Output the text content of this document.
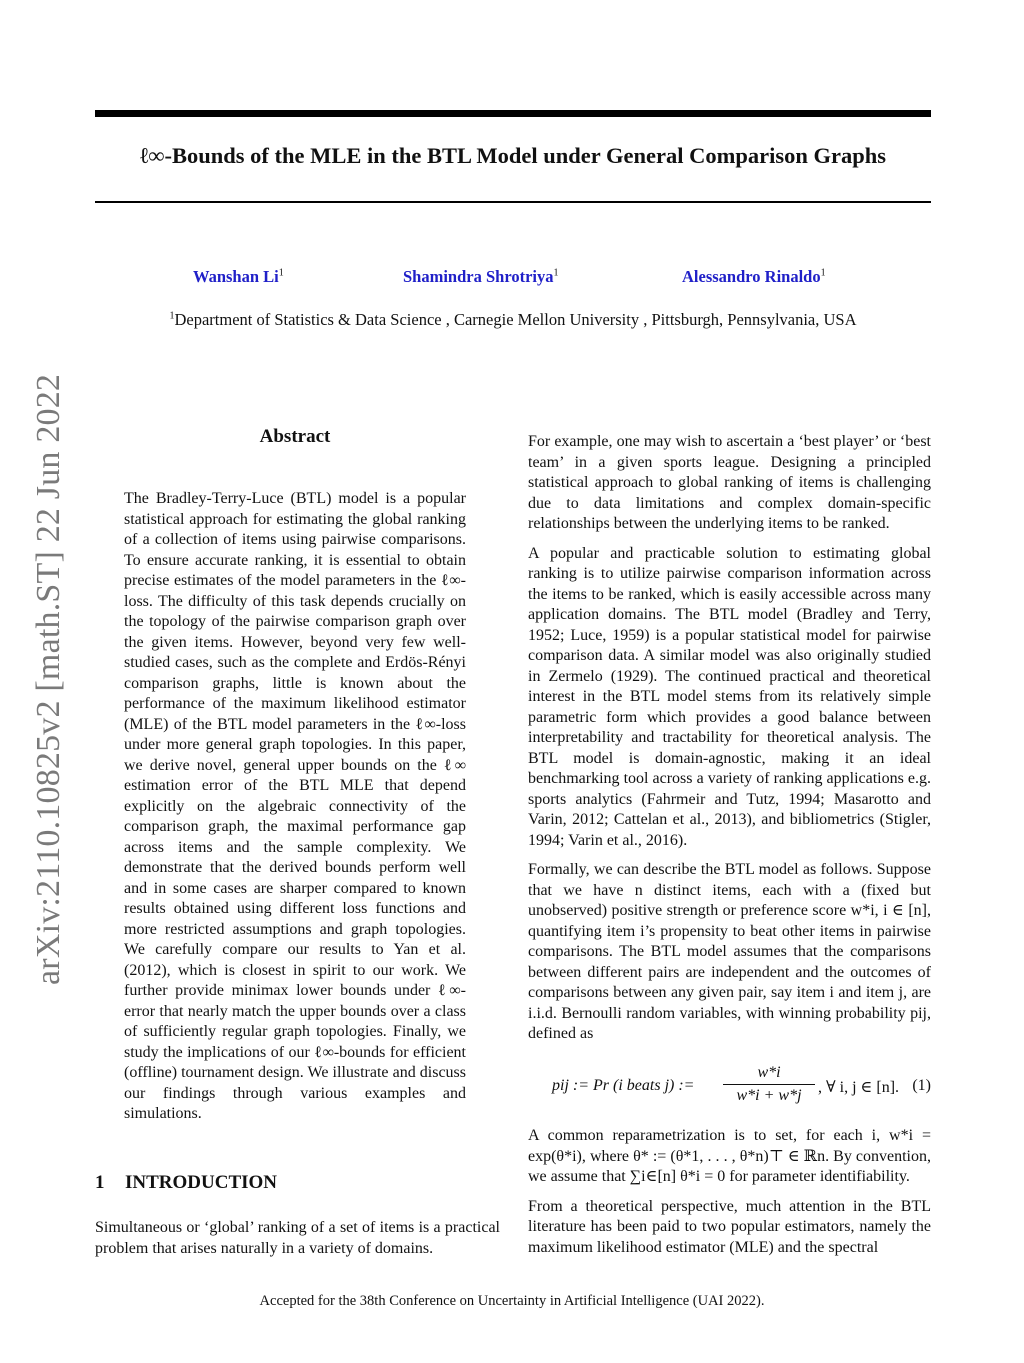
ℓ∞-Bounds of the MLE in the BTL Model under General Comparison Graphs
Wanshan Li$^1$	Shamindra Shrotriya$^1$	Alessandro Rinaldo$^1$
$^1$Department of Statistics & Data Science , Carnegie Mellon University , Pittsburgh, Pennsylvania, USA
arXiv:2110.10825v2 [math.ST] 22 Jun 2022	Abstract
The Bradley-Terry-Luce (BTL) model is a popular statistical approach for estimating the global ranking of a collection of items using pairwise comparisons. To ensure accurate ranking, it is essential to obtain precise estimates of the model parameters in the ℓ∞-loss. The difficulty of this task depends crucially on the topology of the pairwise comparison graph over the given items. However, beyond very few well-studied cases, such as the complete and Erdös-Rényi comparison graphs, little is known about the performance of the maximum likelihood estimator (MLE) of the BTL model parameters in the ℓ∞-loss under more general graph topologies. In this paper, we derive novel, general upper bounds on the ℓ∞ estimation error of the BTL MLE that depend explicitly on the algebraic connectivity of the comparison graph, the maximal performance gap across items and the sample complexity. We demonstrate that the derived bounds perform well and in some cases are sharper compared to known results obtained using different loss functions and more restricted assumptions and graph topologies. We carefully compare our results to Yan et al. (2012), which is closest in spirit to our work. We further provide minimax lower bounds under ℓ∞-error that nearly match the upper bounds over a class of sufficiently regular graph topologies. Finally, we study the implications of our ℓ∞-bounds for efficient (offline) tournament design. We illustrate and discuss our findings through various examples and simulations.
1 INTRODUCTION
Simultaneous or ‘global’ ranking of a set of items is a practical problem that arises naturally in a variety of domains.

For example, one may wish to ascertain a ‘best player’ or ‘best team’ in a given sports league. Designing a principled statistical approach to global ranking of items is challenging due to data limitations and complex domain-specific relationships between the underlying items to be ranked.

A popular and practicable solution to estimating global ranking is to utilize pairwise comparison information across the items to be ranked, which is easily accessible across many application domains. The BTL model (Bradley and Terry, 1952; Luce, 1959) is a popular statistical model for pairwise comparison data. A similar model was also originally studied in Zermelo (1929). The continued practical and theoretical interest in the BTL model stems from its relatively simple parametric form which provides a good balance between interpretability and tractability for theoretical analysis. The BTL model is domain-agnostic, making it an ideal benchmarking tool across a variety of ranking applications e.g. sports analytics (Fahrmeir and Tutz, 1994; Masarotto and Varin, 2012; Cattelan et al., 2013), and bibliometrics (Stigler, 1994; Varin et al., 2016).

Formally, we can describe the BTL model as follows. Suppose that we have n distinct items, each with a (fixed but unobserved) positive strength or preference score w*i, i ∈ [n], quantifying item i’s propensity to beat other items in pairwise comparisons. The BTL model assumes that the comparisons between different pairs are independent and the outcomes of comparisons between any given pair, say item i and item j, are i.i.d. Bernoulli random variables, with winning probability pij, defined as

pij := Pr (i beats j) := $\frac{w*i}{w*i + w*j}$ , ∀ i, j ∈ [n]. (1)

A common reparametrization is to set, for each i, w*i = exp(θ*i), where θ* := (θ*1, . . . , θ*n)⊤ ∈ ℝn. By convention, we assume that ∑i∈[n] θ*i = 0 for parameter identifiability.

From a theoretical perspective, much attention in the BTL literature has been paid to two popular estimators, namely the maximum likelihood estimator (MLE) and the spectral

Accepted for the 38th Conference on Uncertainty in Artificial Intelligence (UAI 2022).
